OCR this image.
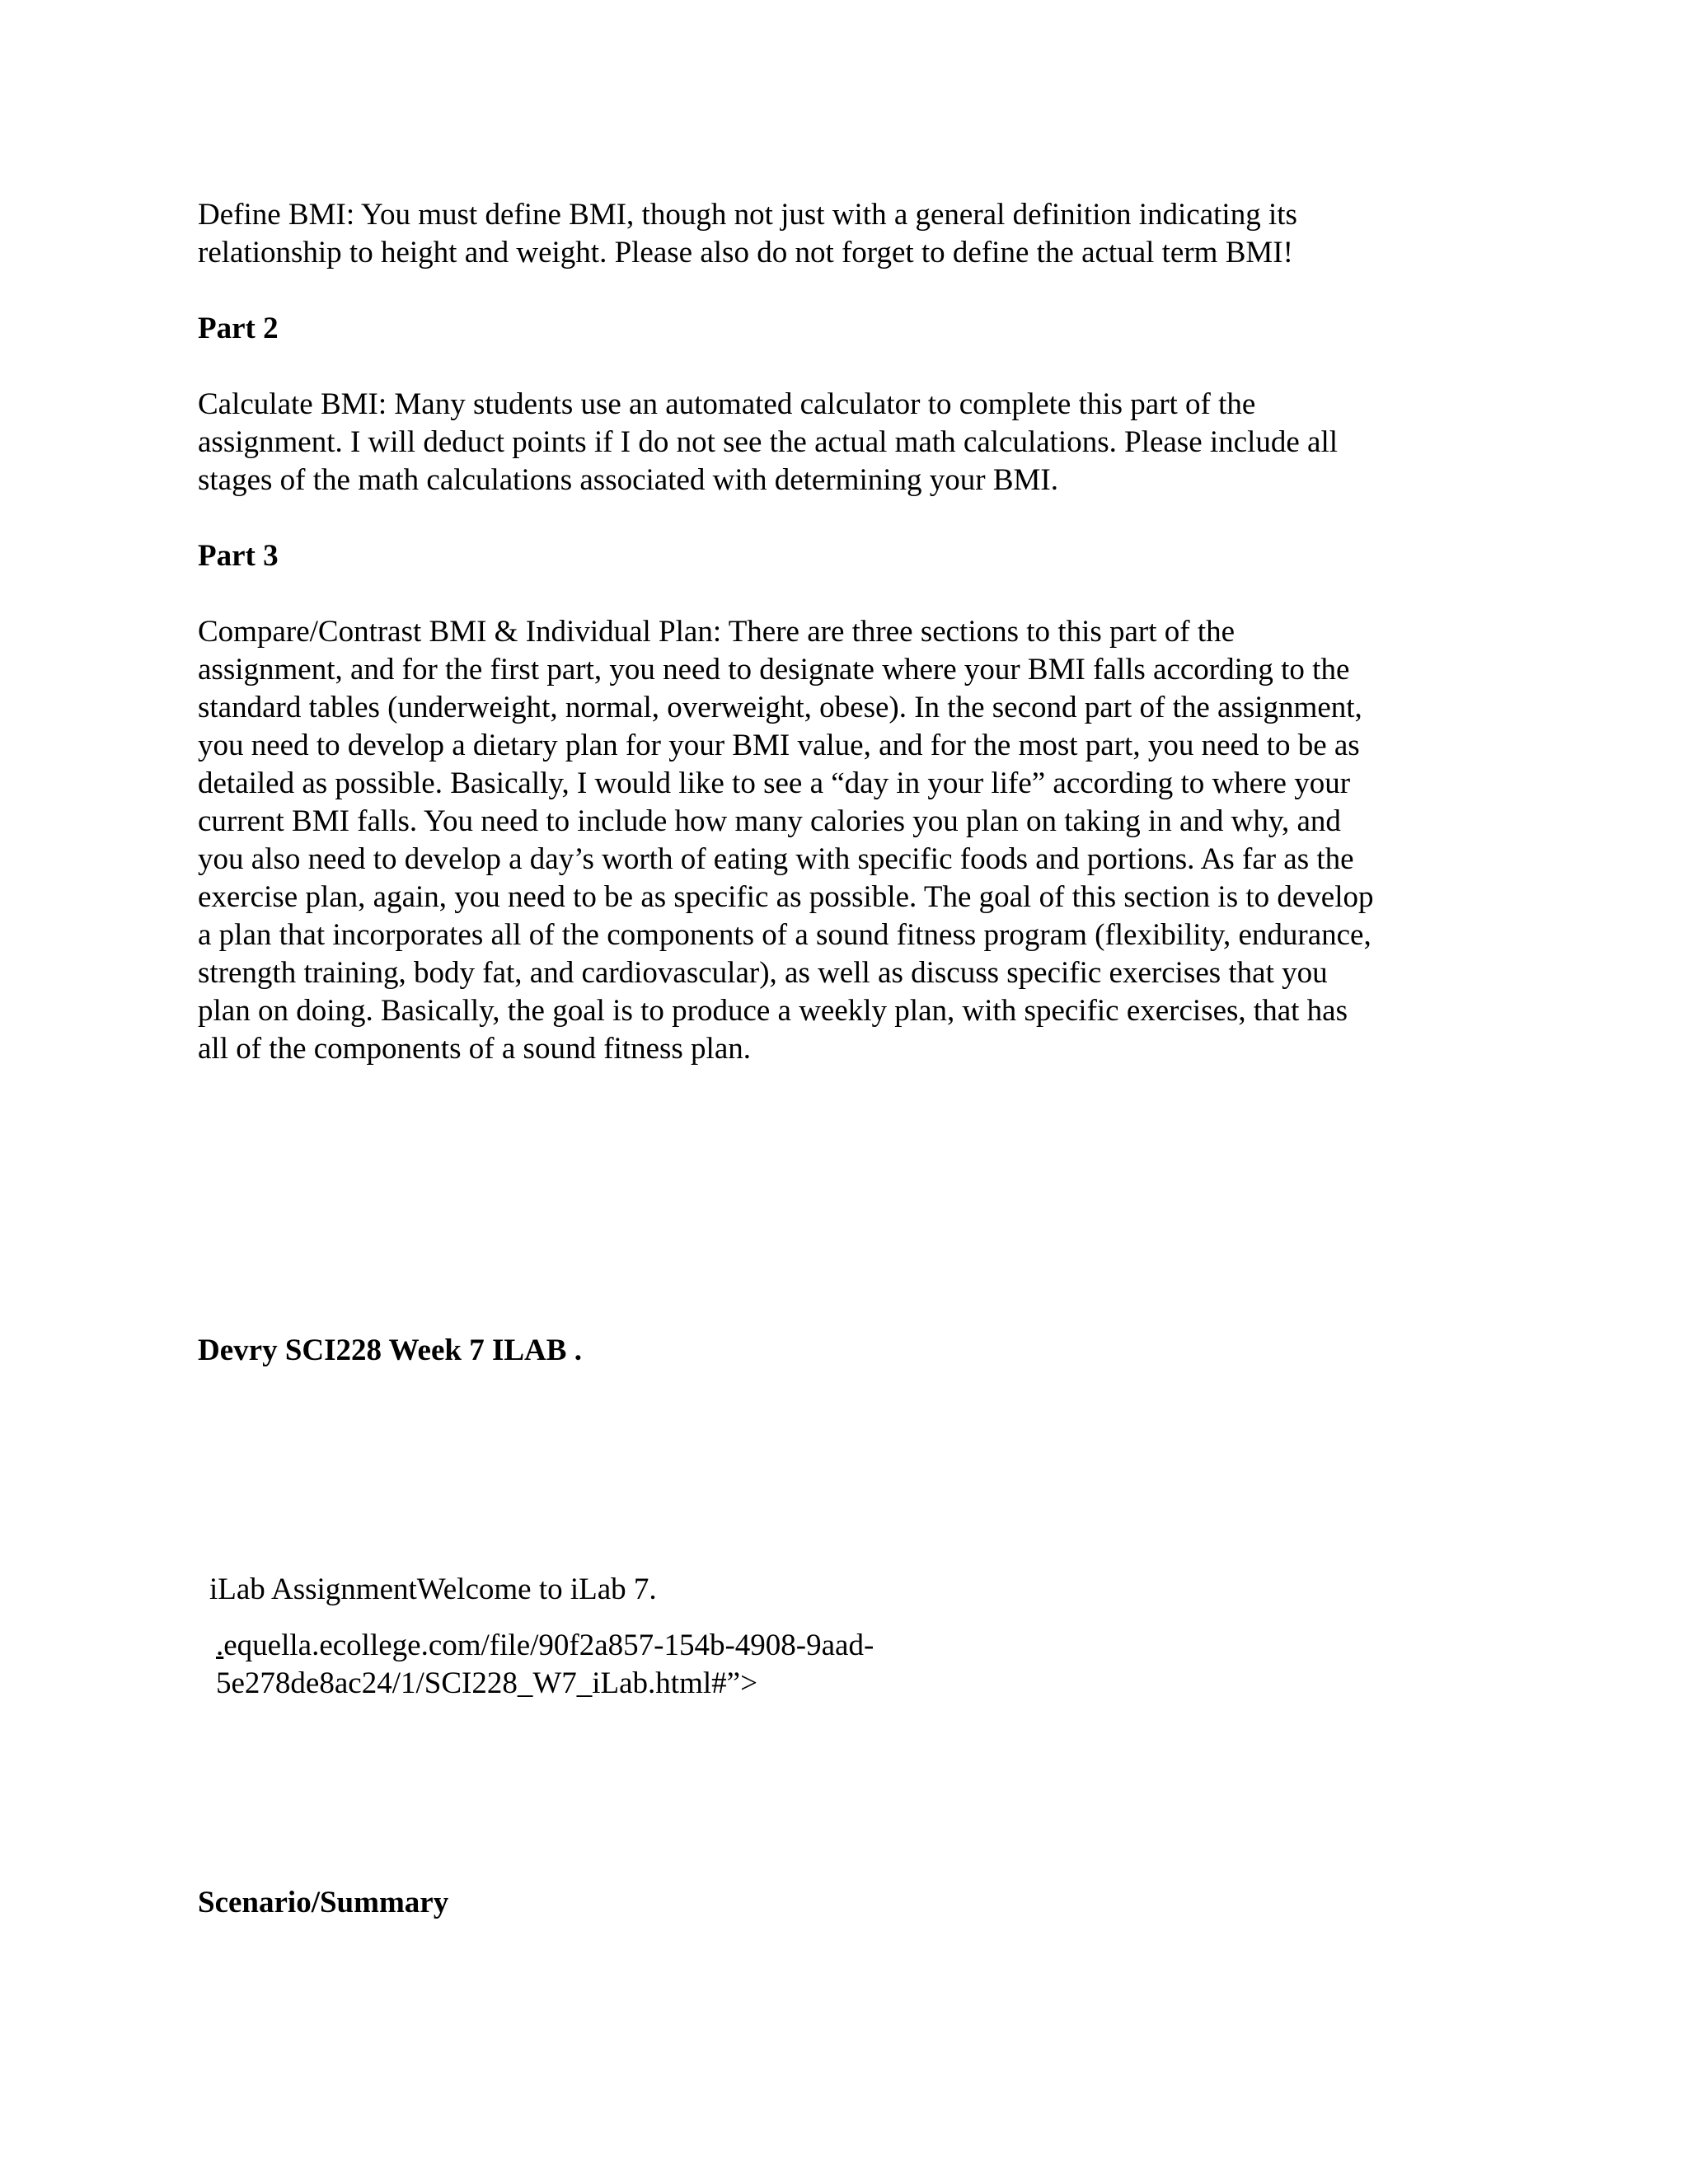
Define BMI: You must define BMI, though not just with a general definition indicating its
relationship to height and weight. Please also do not forget to define the actual term BMI!

Part 2

Calculate BMI: Many students use an automated calculator to complete this part of the
assignment. I will deduct points if I do not see the actual math calculations. Please include all
stages of the math calculations associated with determining your BMI.

Part 3

Compare/Contrast BMI & Individual Plan: There are three sections to this part of the
assignment, and for the first part, you need to designate where your BMI falls according to the
standard tables (underweight, normal, overweight, obese). In the second part of the assignment,
you need to develop a dietary plan for your BMI value, and for the most part, you need to be as
detailed as possible. Basically, I would like to see a “day in your life” according to where your
current BMI falls. You need to include how many calories you plan on taking in and why, and
you also need to develop a day’s worth of eating with specific foods and portions. As far as the
exercise plan, again, you need to be as specific as possible. The goal of this section is to develop
a plan that incorporates all of the components of a sound fitness program (flexibility, endurance,
strength training, body fat, and cardiovascular), as well as discuss specific exercises that you
plan on doing. Basically, the goal is to produce a weekly plan, with specific exercises, that has
all of the components of a sound fitness plan.

Devry SCI228 Week 7 ILAB .

iLab AssignmentWelcome to iLab 7.

.equella.ecollege.com/file/90f2a857-154b-4908-9aad-
5e278de8ac24/1/SCI228_W7_iLab.html#”>

Scenario/Summary
